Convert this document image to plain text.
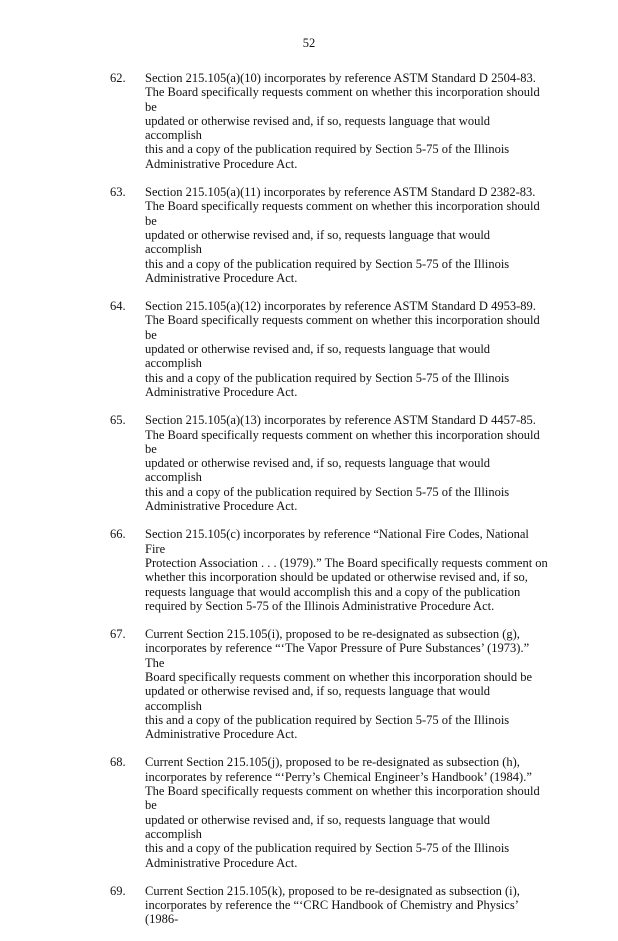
52
62.	Section 215.105(a)(10) incorporates by reference ASTM Standard D 2504-83.
The Board specifically requests comment on whether this incorporation should be
updated or otherwise revised and, if so, requests language that would accomplish
this and a copy of the publication required by Section 5-75 of the Illinois
Administrative Procedure Act.
63.	Section 215.105(a)(11) incorporates by reference ASTM Standard D 2382-83.
The Board specifically requests comment on whether this incorporation should be
updated or otherwise revised and, if so, requests language that would accomplish
this and a copy of the publication required by Section 5-75 of the Illinois
Administrative Procedure Act.
64.	Section 215.105(a)(12) incorporates by reference ASTM Standard D 4953-89.
The Board specifically requests comment on whether this incorporation should be
updated or otherwise revised and, if so, requests language that would accomplish
this and a copy of the publication required by Section 5-75 of the Illinois
Administrative Procedure Act.
65.	Section 215.105(a)(13) incorporates by reference ASTM Standard D 4457-85.
The Board specifically requests comment on whether this incorporation should be
updated or otherwise revised and, if so, requests language that would accomplish
this and a copy of the publication required by Section 5-75 of the Illinois
Administrative Procedure Act.
66.	Section 215.105(c) incorporates by reference “National Fire Codes, National Fire
Protection Association . . . (1979).” The Board specifically requests comment on
whether this incorporation should be updated or otherwise revised and, if so,
requests language that would accomplish this and a copy of the publication
required by Section 5-75 of the Illinois Administrative Procedure Act.
67.	Current Section 215.105(i), proposed to be re-designated as subsection (g),
incorporates by reference “‘The Vapor Pressure of Pure Substances’ (1973).” The
Board specifically requests comment on whether this incorporation should be
updated or otherwise revised and, if so, requests language that would accomplish
this and a copy of the publication required by Section 5-75 of the Illinois
Administrative Procedure Act.
68.	Current Section 215.105(j), proposed to be re-designated as subsection (h),
incorporates by reference “‘Perry’s Chemical Engineer’s Handbook’ (1984).”
The Board specifically requests comment on whether this incorporation should be
updated or otherwise revised and, if so, requests language that would accomplish
this and a copy of the publication required by Section 5-75 of the Illinois
Administrative Procedure Act.
69.	Current Section 215.105(k), proposed to be re-designated as subsection (i),
incorporates by reference the “‘CRC Handbook of Chemistry and Physics’ (1986-
